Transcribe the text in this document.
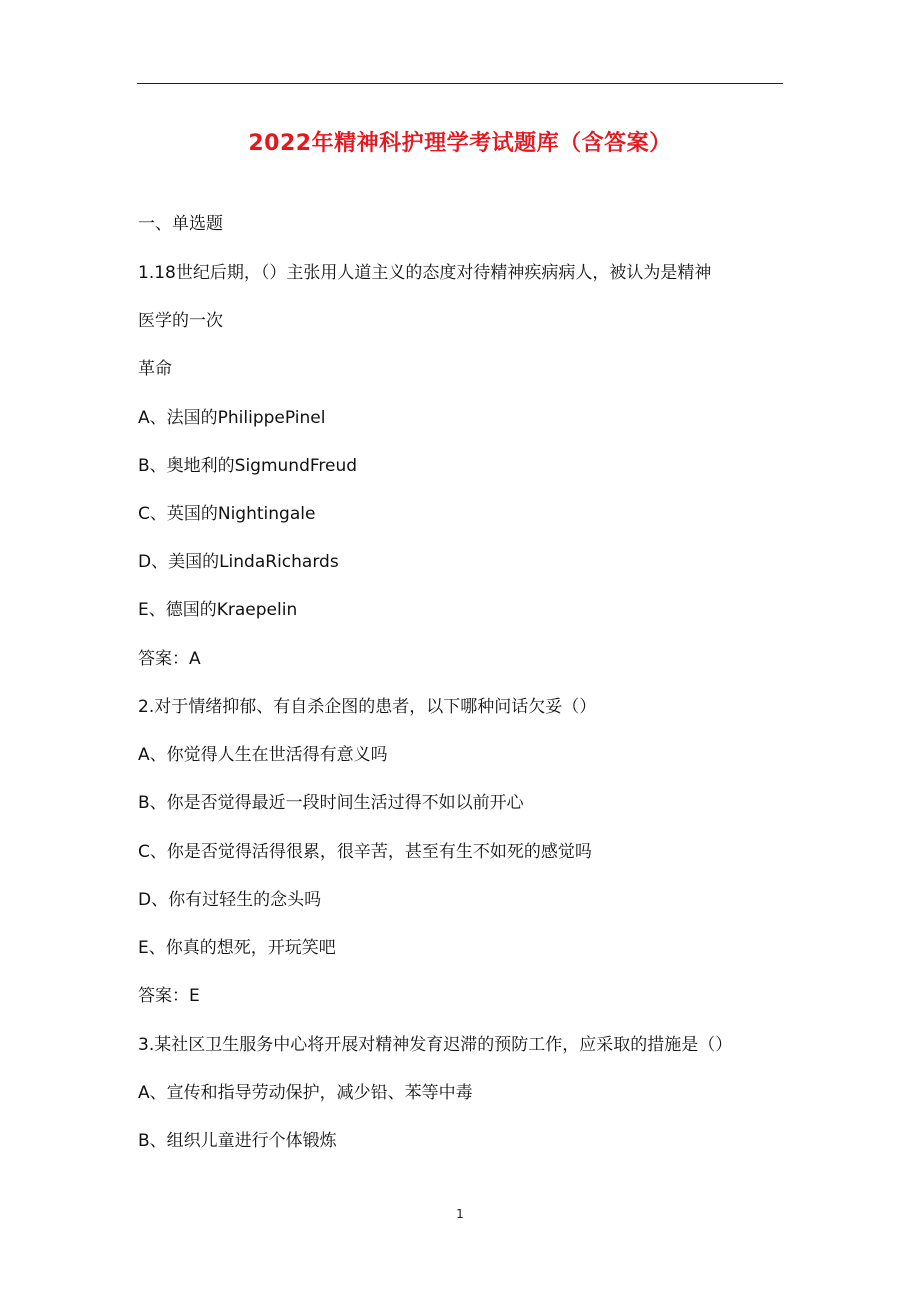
2022年精神科护理学考试题库（含答案）
一、单选题
1.18世纪后期，（）主张用人道主义的态度对待精神疾病病人，被认为是精神
医学的一次
革命
A、法国的PhilippePinel
B、奥地利的SigmundFreud
C、英国的Nightingale
D、美国的LindaRichards
E、德国的Kraepelin
答案：A
2.对于情绪抑郁、有自杀企图的患者，以下哪种问话欠妥（）
A、你觉得人生在世活得有意义吗
B、你是否觉得最近一段时间生活过得不如以前开心
C、你是否觉得活得很累，很辛苦，甚至有生不如死的感觉吗
D、你有过轻生的念头吗
E、你真的想死，开玩笑吧
答案：E
3.某社区卫生服务中心将开展对精神发育迟滞的预防工作，应采取的措施是（）
A、宣传和指导劳动保护，减少铅、苯等中毒
B、组织儿童进行个体锻炼
1
